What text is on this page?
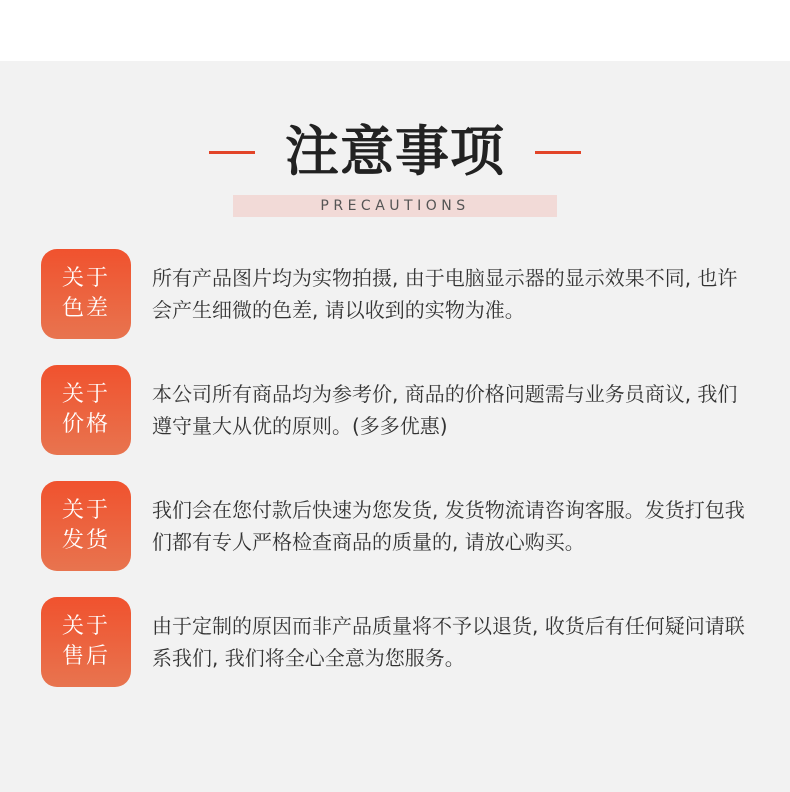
注意事项
PRECAUTIONS
关于
色差

所有产品图片均为实物拍摄, 由于电脑显示器的显示效果不同, 也许会产生细微的色差, 请以收到的实物为准。

关于
价格

本公司所有商品均为参考价, 商品的价格问题需与业务员商议, 我们遵守量大从优的原则。(多多优惠)

关于
发货

我们会在您付款后快速为您发货, 发货物流请咨询客服。发货打包我们都有专人严格检查商品的质量的, 请放心购买。

关于
售后

由于定制的原因而非产品质量将不予以退货, 收货后有任何疑问请联系我们, 我们将全心全意为您服务。
